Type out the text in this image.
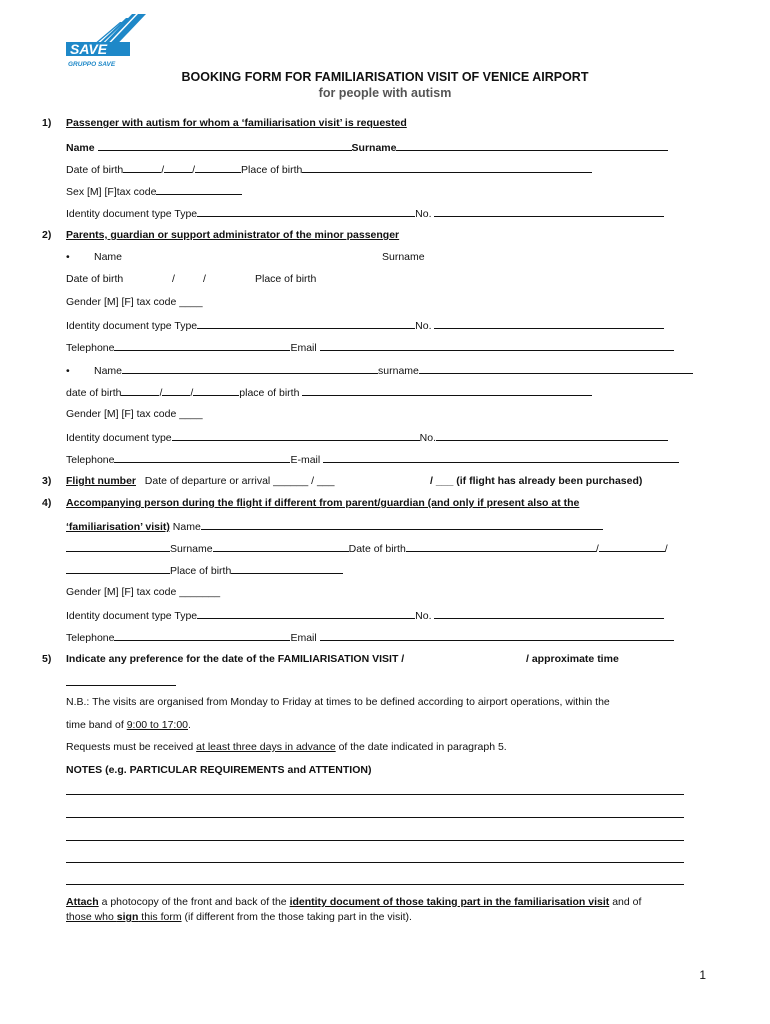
SAVE
GRUPPO SAVE
BOOKING FORM FOR FAMILIARISATION VISIT OF VENICE AIRPORT
for people with autism
1) Passenger with autism for whom a ‘familiarisation visit’ is requested
Name	Surname
Date of birth	/	/	Place of birth
Sex [M] [F]tax code
Identity document type Type	No.
2) Parents, guardian or support administrator of the minor passenger
• Name	Surname
Date of birth	/	/	Place of birth
Gender [M] [F] tax code ____
Identity document type Type	No.
Telephone	Email
• Name	surname
date of birth	/	/	place of birth
Gender [M] [F] tax code ____
Identity document type	No.
Telephone	E-mail
3) Flight number Date of departure or arrival ______ / ___	/ ___ (if flight has already been purchased)
4) Accompanying person during the flight if different from parent/guardian (and only if present also at the
‘familiarisation’ visit) Name
Surname	Date of birth	/	/
Place of birth
Gender [M] [F] tax code _______
Identity document type Type	No.
Telephone	Email
5) Indicate any preference for the date of the FAMILIARISATION VISIT /	/ approximate time
N.B.: The visits are organised from Monday to Friday at times to be defined according to airport operations, within the
time band of 9:00 to 17:00.
Requests must be received at least three days in advance of the date indicated in paragraph 5.
NOTES (e.g. PARTICULAR REQUIREMENTS and ATTENTION)
Attach a photocopy of the front and back of the identity document of those taking part in the familiarisation visit and of
those who sign this form (if different from the those taking part in the visit).
1
